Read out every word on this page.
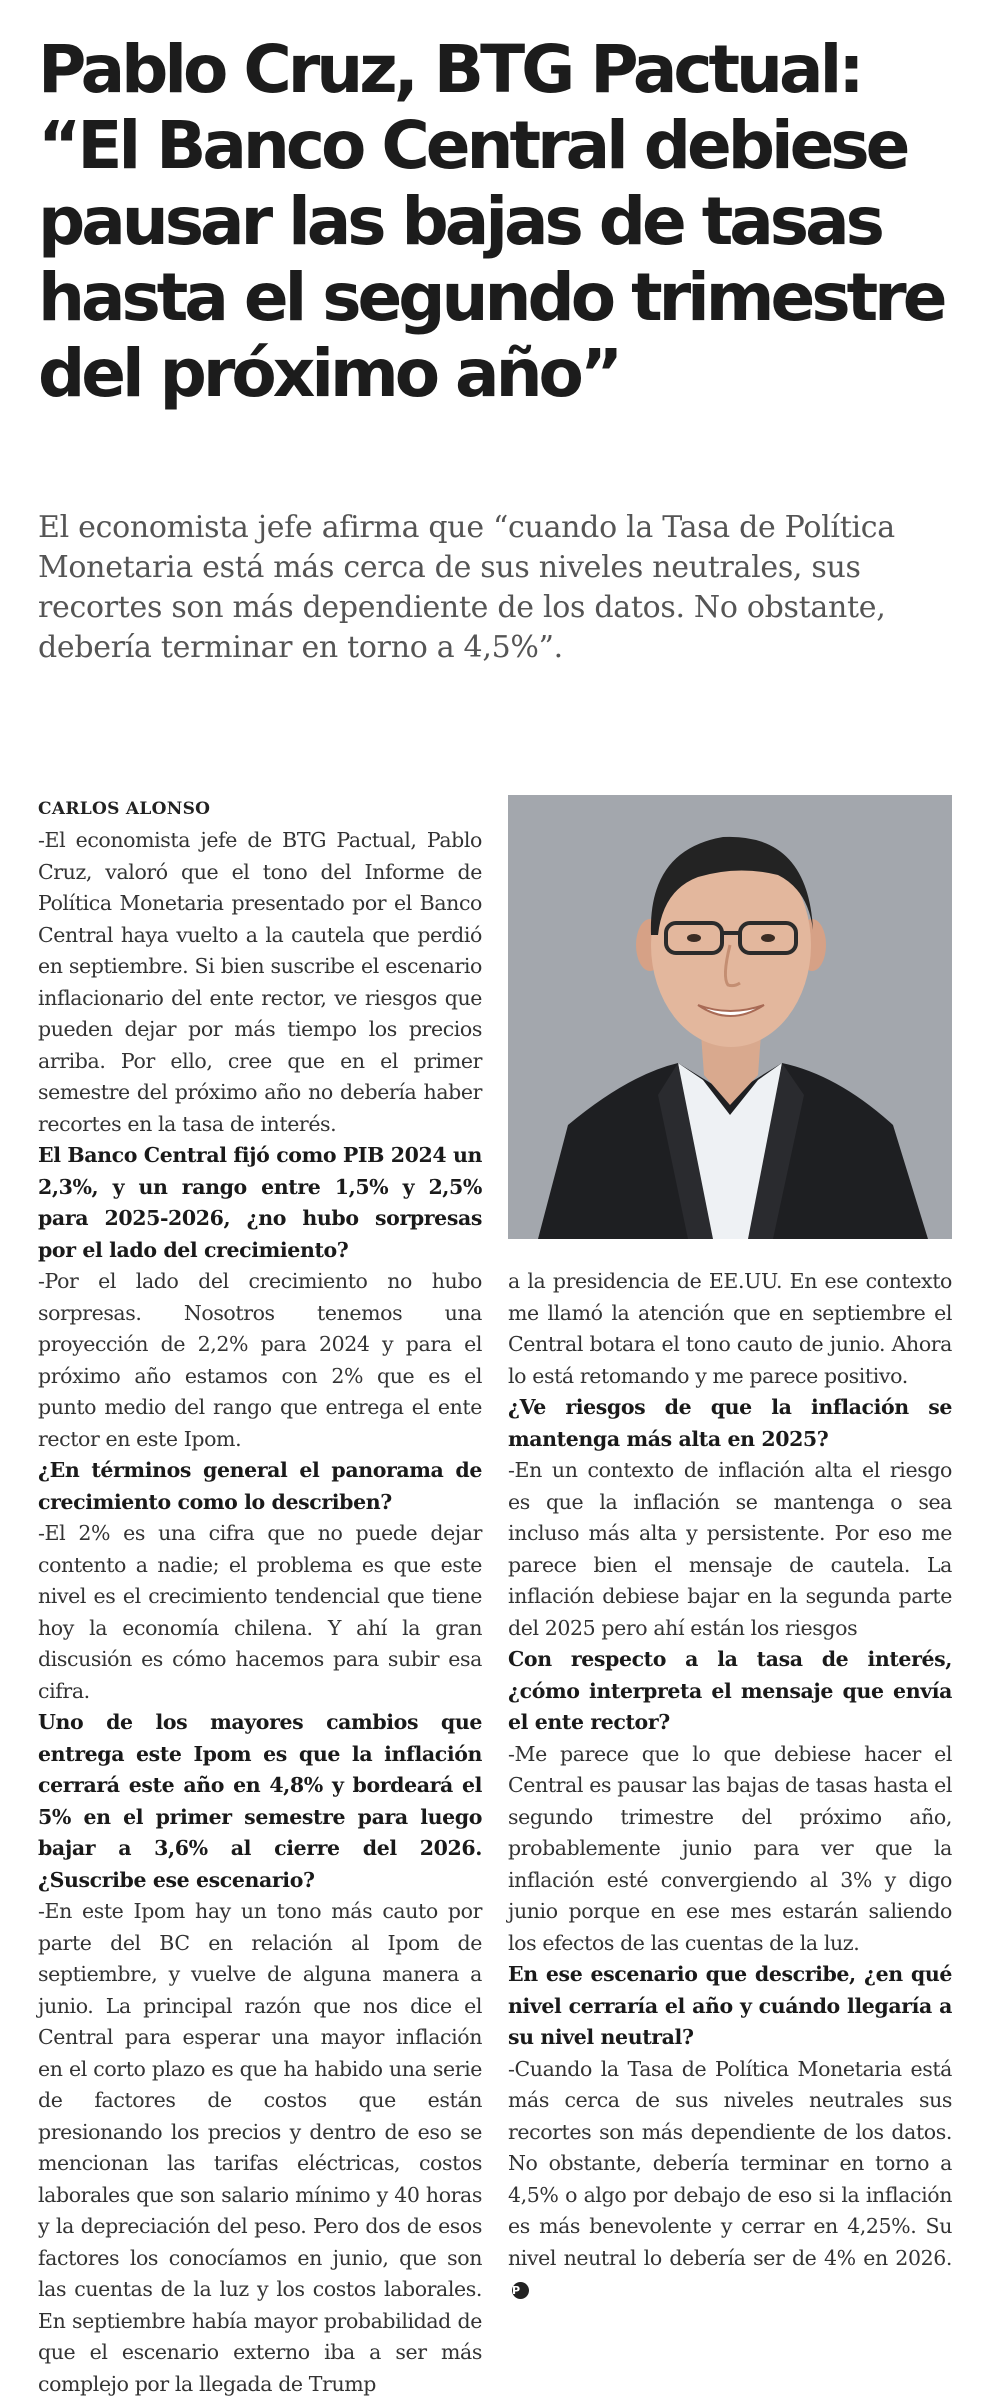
Pablo Cruz, BTG Pactual:
“El Banco Central debiese
pausar las bajas de tasas
hasta el segundo trimestre
del próximo año”
El economista jefe afirma que “cuando la Tasa de Política Monetaria está más cerca de sus niveles neutrales, sus recortes son más dependiente de los datos. No obstante, debería terminar en torno a 4,5%”.
CARLOS ALONSO

-El economista jefe de BTG Pactual, Pablo Cruz, valoró que el tono del Informe de Política Monetaria presentado por el Banco Central haya vuelto a la cautela que perdió en septiembre. Si bien suscribe el escenario inflacionario del ente rector, ve riesgos que pueden dejar por más tiempo los precios arriba. Por ello, cree que en el primer semestre del próximo año no debería haber recortes en la tasa de interés.

El Banco Central fijó como PIB 2024 un 2,3%, y un rango entre 1,5% y 2,5% para 2025-2026, ¿no hubo sorpresas por el lado del crecimiento?

-Por el lado del crecimiento no hubo sorpresas. Nosotros tenemos una proyección de 2,2% para 2024 y para el próximo año estamos con 2% que es el punto medio del rango que entrega el ente rector en este Ipom.

¿En términos general el panorama de crecimiento como lo describen?

-El 2% es una cifra que no puede dejar contento a nadie; el problema es que este nivel es el crecimiento tendencial que tiene hoy la economía chilena. Y ahí la gran discusión es cómo hacemos para subir esa cifra.

Uno de los mayores cambios que entrega este Ipom es que la inflación cerrará este año en 4,8% y bordeará el 5% en el primer semestre para luego bajar a 3,6% al cierre del 2026. ¿Suscribe ese escenario?

-En este Ipom hay un tono más cauto por parte del BC en relación al Ipom de septiembre, y vuelve de alguna manera a junio. La principal razón que nos dice el Central para esperar una mayor inflación en el corto plazo es que ha habido una serie de factores de costos que están presionando los precios y dentro de eso se mencionan las tarifas eléctricas, costos laborales que son salario mínimo y 40 horas y la depreciación del peso. Pero dos de esos factores los conocíamos en junio, que son las cuentas de la luz y los costos laborales. En septiembre había mayor probabilidad de que el escenario externo iba a ser más complejo por la llegada de Trump

a la presidencia de EE.UU. En ese contexto me llamó la atención que en septiembre el Central botara el tono cauto de junio. Ahora lo está retomando y me parece positivo.

¿Ve riesgos de que la inflación se mantenga más alta en 2025?

-En un contexto de inflación alta el riesgo es que la inflación se mantenga o sea incluso más alta y persistente. Por eso me parece bien el mensaje de cautela. La inflación debiese bajar en la segunda parte del 2025 pero ahí están los riesgos

Con respecto a la tasa de interés, ¿cómo interpreta el mensaje que envía el ente rector?

-Me parece que lo que debiese hacer el Central es pausar las bajas de tasas hasta el segundo trimestre del próximo año, probablemente junio para ver que la inflación esté convergiendo al 3% y digo junio porque en ese mes estarán saliendo los efectos de las cuentas de la luz.

En ese escenario que describe, ¿en qué nivel cerraría el año y cuándo llegaría a su nivel neutral?

-Cuando la Tasa de Política Monetaria está más cerca de sus niveles neutrales sus recortes son más dependiente de los datos. No obstante, debería terminar en torno a 4,5% o algo por debajo de eso si la inflación es más benevolente y cerrar en 4,25%. Su nivel neutral lo debería ser de 4% en 2026.P
